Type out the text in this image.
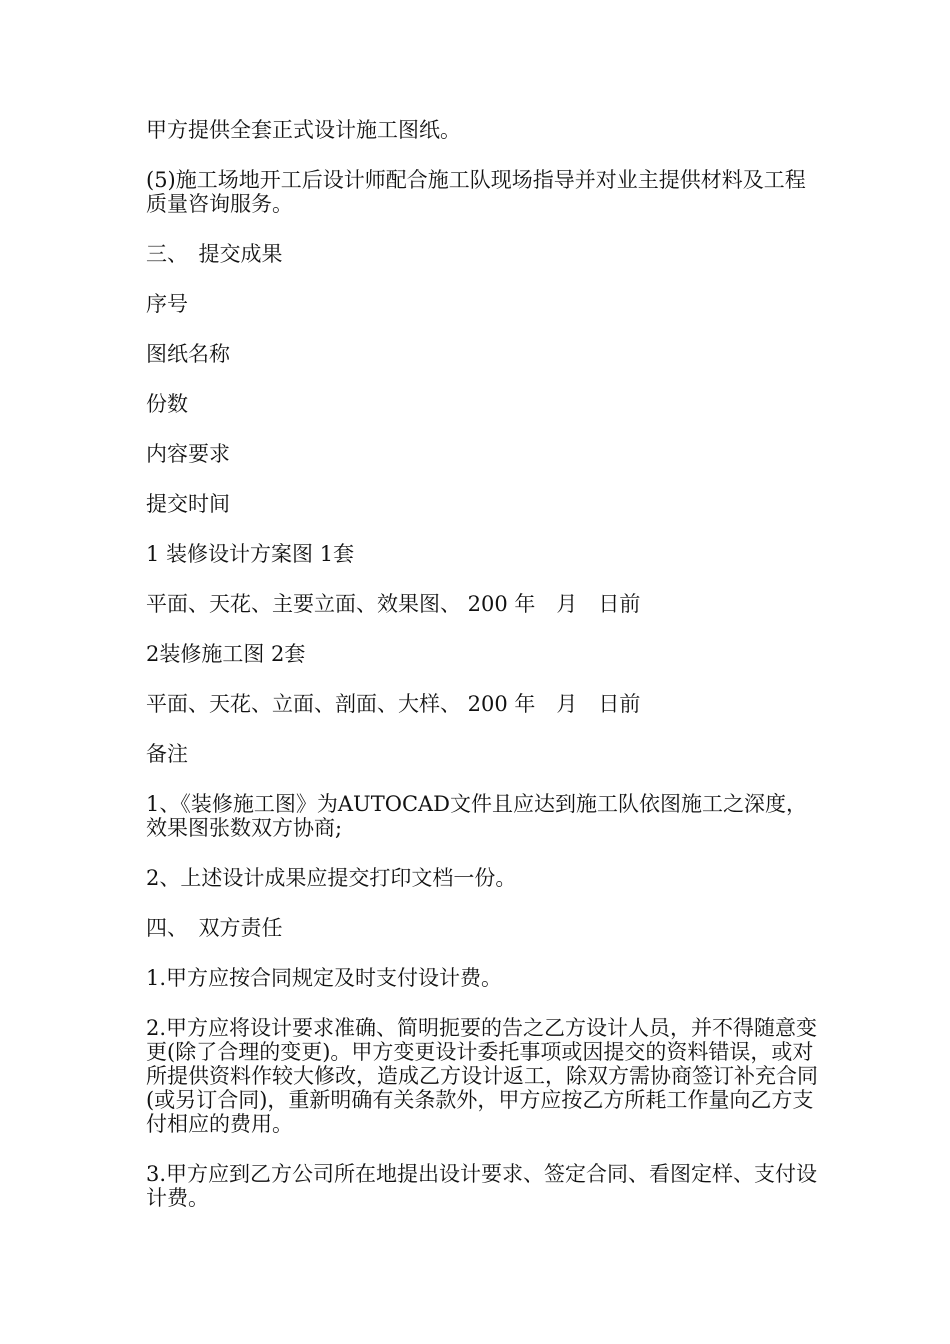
甲方提供全套正式设计施工图纸。

(5)施工场地开工后设计师配合施工队现场指导并对业主提供材料及工程质量咨询服务。

三、　提交成果

序号

图纸名称

份数

内容要求

提交时间

1 装修设计方案图 1套

平面、天花、主要立面、效果图、 200 年　月　日前

2装修施工图 2套

平面、天花、立面、剖面、大样、 200 年　月　日前

备注

1、《装修施工图》为AUTOCAD文件且应达到施工队依图施工之深度，效果图张数双方协商;

2、上述设计成果应提交打印文档一份。

四、　双方责任

1.甲方应按合同规定及时支付设计费。

2.甲方应将设计要求准确、简明扼要的告之乙方设计人员，并不得随意变更(除了合理的变更)。甲方变更设计委托事项或因提交的资料错误，或对所提供资料作较大修改，造成乙方设计返工，除双方需协商签订补充合同(或另订合同)，重新明确有关条款外，甲方应按乙方所耗工作量向乙方支付相应的费用。

3.甲方应到乙方公司所在地提出设计要求、签定合同、看图定样、支付设计费。
